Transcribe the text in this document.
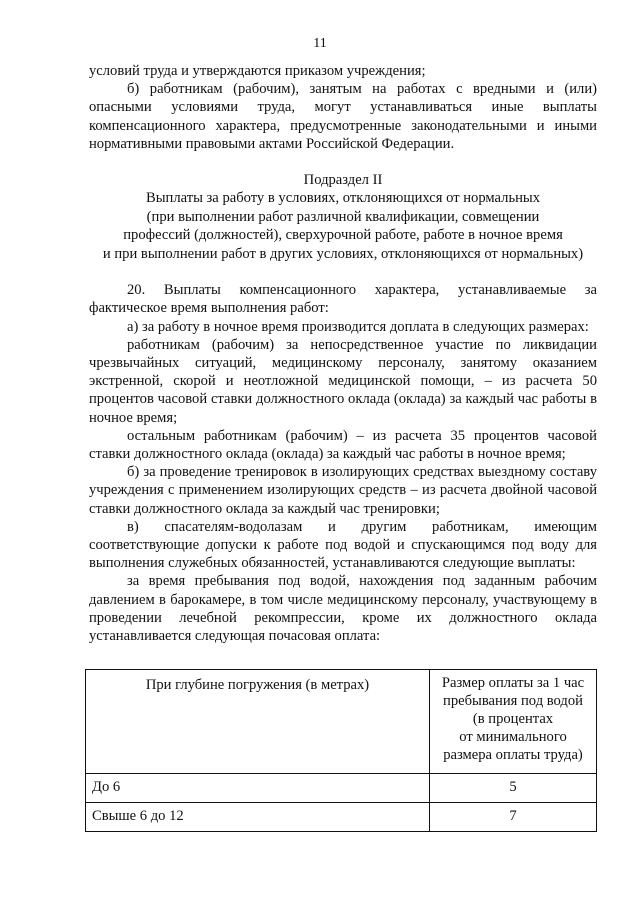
11

условий труда и утверждаются приказом учреждения;

б) работникам (рабочим), занятым на работах с вредными и (или) опасными условиями труда, могут устанавливаться иные выплаты компенсационного характера, предусмотренные законодательными и иными нормативными правовыми актами Российской Федерации.

Подраздел II

Выплаты за работу в условиях, отклоняющихся от нормальных

(при выполнении работ различной квалификации, совмещении

профессий (должностей), сверхурочной работе, работе в ночное время

и при выполнении работ в других условиях, отклоняющихся от нормальных)

20. Выплаты компенсационного характера, устанавливаемые за фактическое время выполнения работ:

а) за работу в ночное время производится доплата в следующих размерах:

работникам (рабочим) за непосредственное участие по ликвидации чрезвычайных ситуаций, медицинскому персоналу, занятому оказанием экстренной, скорой и неотложной медицинской помощи, – из расчета 50 процентов часовой ставки должностного оклада (оклада) за каждый час работы в ночное время;

остальным работникам (рабочим) – из расчета 35 процентов часовой ставки должностного оклада (оклада) за каждый час работы в ночное время;

б) за проведение тренировок в изолирующих средствах выездному составу учреждения с применением изолирующих средств – из расчета двойной часовой ставки должностного оклада за каждый час тренировки;

в) спасателям-водолазам и другим работникам, имеющим соответствующие допуски к работе под водой и спускающимся под воду для выполнения служебных обязанностей, устанавливаются следующие выплаты:

за время пребывания под водой, нахождения под заданным рабочим давлением в барокамере, в том числе медицинскому персоналу, участвующему в проведении лечебной рекомпрессии, кроме их должностного оклада устанавливается следующая почасовая оплата:

При глубине погружения (в метрах)	Размер оплаты за 1 час
пребывания под водой
(в процентах
от минимального
размера оплаты труда)

До 6	5
Свыше 6 до 12	7
